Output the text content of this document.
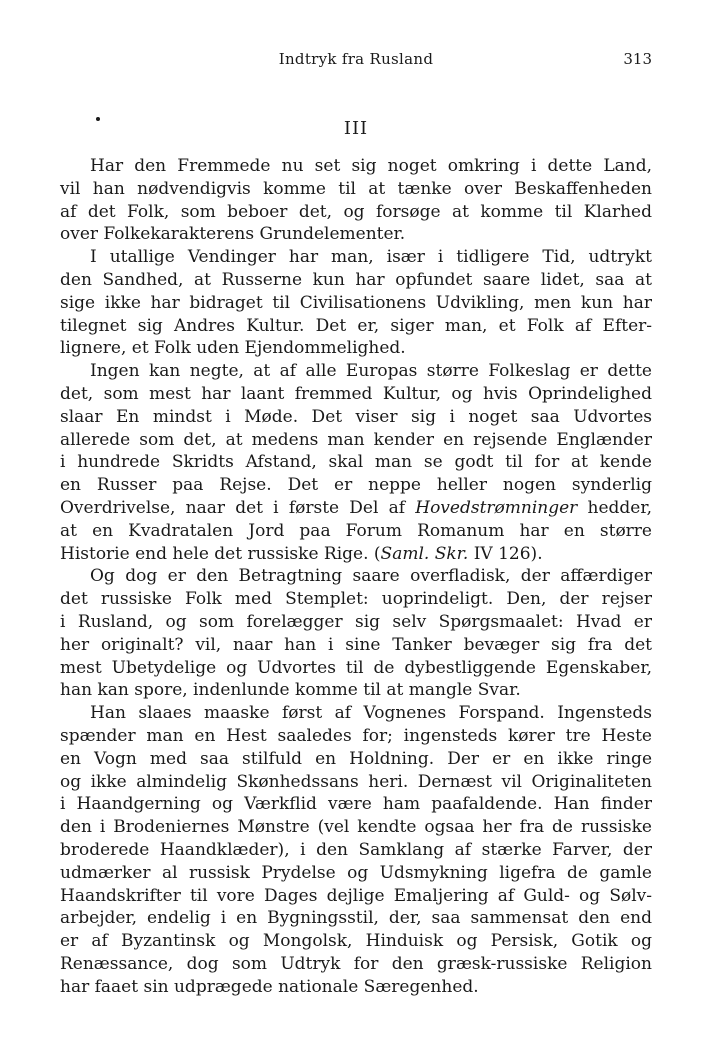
Indtryk fra Rusland	313
III
Har den Fremmede nu set sig noget omkring i dette Land,
vil han nødvendigvis komme til at tænke over Beskaffenheden
af det Folk, som beboer det, og forsøge at komme til Klarhed
over Folkekarakterens Grundelementer.
I utallige Vendinger har man, især i tidligere Tid, udtrykt
den Sandhed, at Russerne kun har opfundet saare lidet, saa at
sige ikke har bidraget til Civilisationens Udvikling, men kun har
tilegnet sig Andres Kultur. Det er, siger man, et Folk af Efter-
lignere, et Folk uden Ejendommelighed.
Ingen kan negte, at af alle Europas større Folkeslag er dette
det, som mest har laant fremmed Kultur, og hvis Oprindelighed
slaar En mindst i Møde. Det viser sig i noget saa Udvortes
allerede som det, at medens man kender en rejsende Englænder
i hundrede Skridts Afstand, skal man se godt til for at kende
en Russer paa Rejse. Det er neppe heller nogen synderlig
Overdrivelse, naar det i første Del af Hovedstrømninger hedder,
at en Kvadratalen Jord paa Forum Romanum har en større
Historie end hele det russiske Rige. (Saml. Skr. IV 126).
Og dog er den Betragtning saare overfladisk, der affærdiger
det russiske Folk med Stemplet: uoprindeligt. Den, der rejser
i Rusland, og som forelægger sig selv Spørgsmaalet: Hvad er
her originalt? vil, naar han i sine Tanker bevæger sig fra det
mest Ubetydelige og Udvortes til de dybestliggende Egenskaber,
han kan spore, indenlunde komme til at mangle Svar.
Han slaaes maaske først af Vognenes Forspand. Ingensteds
spænder man en Hest saaledes for; ingensteds kører tre Heste
en Vogn med saa stilfuld en Holdning. Der er en ikke ringe
og ikke almindelig Skønhedssans heri. Dernæst vil Originaliteten
i Haandgerning og Værkflid være ham paafaldende. Han finder
den i Brodeniernes Mønstre (vel kendte ogsaa her fra de russiske
broderede Haandklæder), i den Samklang af stærke Farver, der
udmærker al russisk Prydelse og Udsmykning ligefra de gamle
Haandskrifter til vore Dages dejlige Emaljering af Guld- og Sølv-
arbejder, endelig i en Bygningsstil, der, saa sammensat den end
er af Byzantinsk og Mongolsk, Hinduisk og Persisk, Gotik og
Renæssance, dog som Udtryk for den græsk-russiske Religion
har faaet sin udprægede nationale Særegenhed.
